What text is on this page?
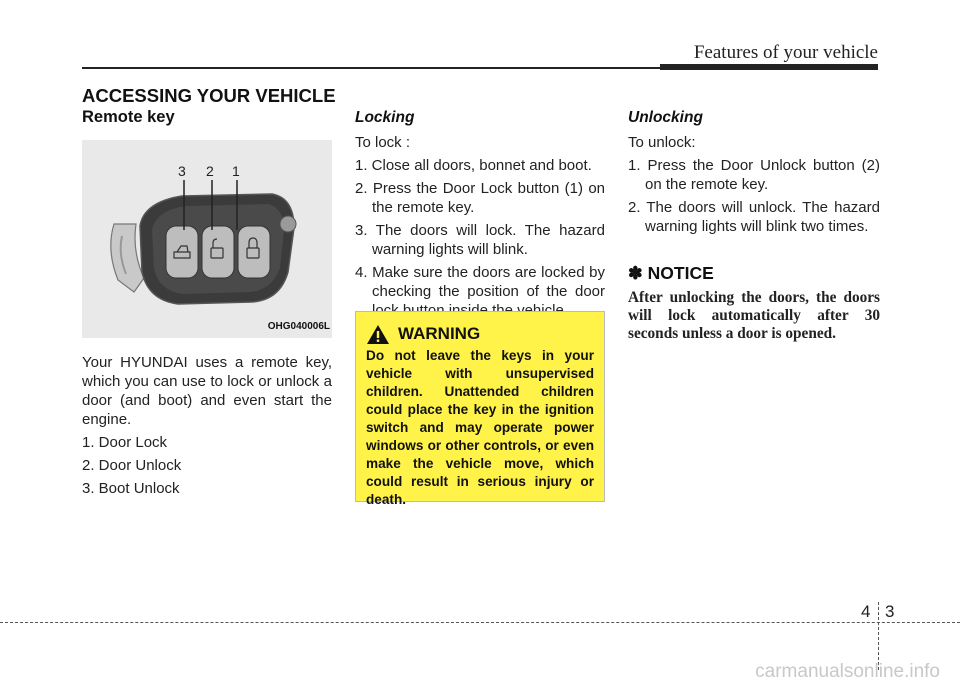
Features of your vehicle
ACCESSING YOUR VEHICLE
Remote key
3 2 1
OHG040006L

Your HYUNDAI uses a remote key, which you can use to lock or unlock a door (and boot) and even start the engine.

1. Door Lock
2. Door Unlock
3. Boot Unlock
Locking

To lock :

1. Close all doors, bonnet and boot.
2. Press the Door Lock button (1) on the remote key.
3. The doors will lock. The hazard warning lights will blink.
4. Make sure the doors are locked by checking the position of the door
WARNING
Do not leave the keys in your vehicle with unsupervised children. Unattended children could place the key in the ignition switch and may operate power windows or other controls, or even make the vehicle move, which could result in serious injury or death.
Unlocking

To unlock:

1. Press the Door Unlock button (2) on the remote key.
2. The doors will unlock. The hazard warning lights will blink two times.
✽ NOTICE
After unlocking the doors, the doors will lock automatically after 30 seconds unless a door is opened.
4 3
carmanualsonline.info
